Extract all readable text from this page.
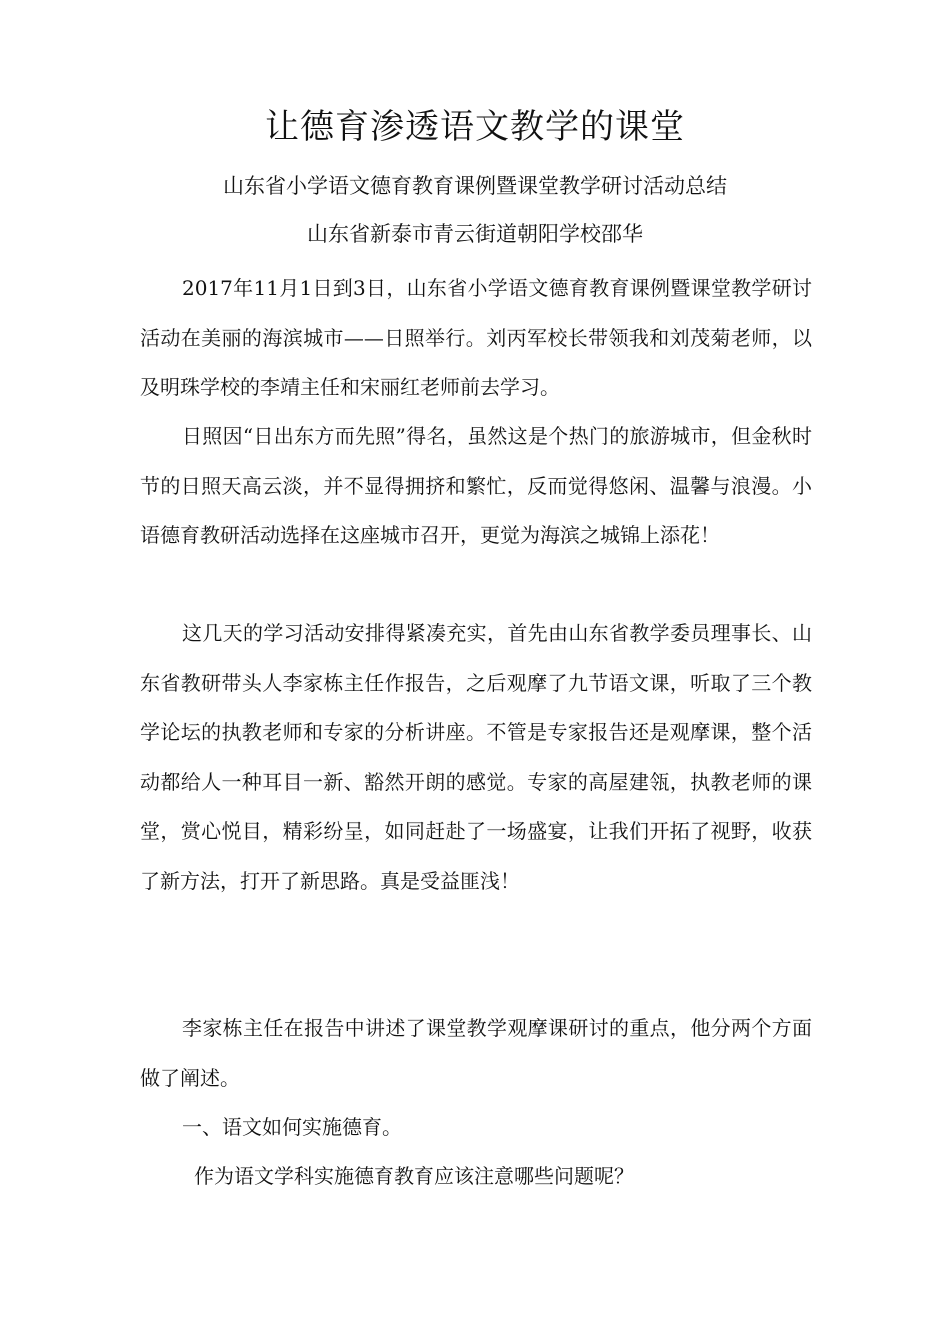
让德育渗透语文教学的课堂

山东省小学语文德育教育课例暨课堂教学研讨活动总结

山东省新泰市青云街道朝阳学校邵华

2017年11月1日到3日，山东省小学语文德育教育课例暨课堂教学研讨活动在美丽的海滨城市——日照举行。刘丙军校长带领我和刘茂菊老师，以及明珠学校的李靖主任和宋丽红老师前去学习。

日照因“日出东方而先照”得名，虽然这是个热门的旅游城市，但金秋时节的日照天高云淡，并不显得拥挤和繁忙，反而觉得悠闲、温馨与浪漫。小语德育教研活动选择在这座城市召开，更觉为海滨之城锦上添花！

这几天的学习活动安排得紧凑充实，首先由山东省教学委员理事长、山东省教研带头人李家栋主任作报告，之后观摩了九节语文课，听取了三个教学论坛的执教老师和专家的分析讲座。不管是专家报告还是观摩课，整个活动都给人一种耳目一新、豁然开朗的感觉。专家的高屋建瓴，执教老师的课堂，赏心悦目，精彩纷呈，如同赶赴了一场盛宴，让我们开拓了视野，收获了新方法，打开了新思路。真是受益匪浅！

李家栋主任在报告中讲述了课堂教学观摩课研讨的重点，他分两个方面做了阐述。

一、语文如何实施德育。

作为语文学科实施德育教育应该注意哪些问题呢？
